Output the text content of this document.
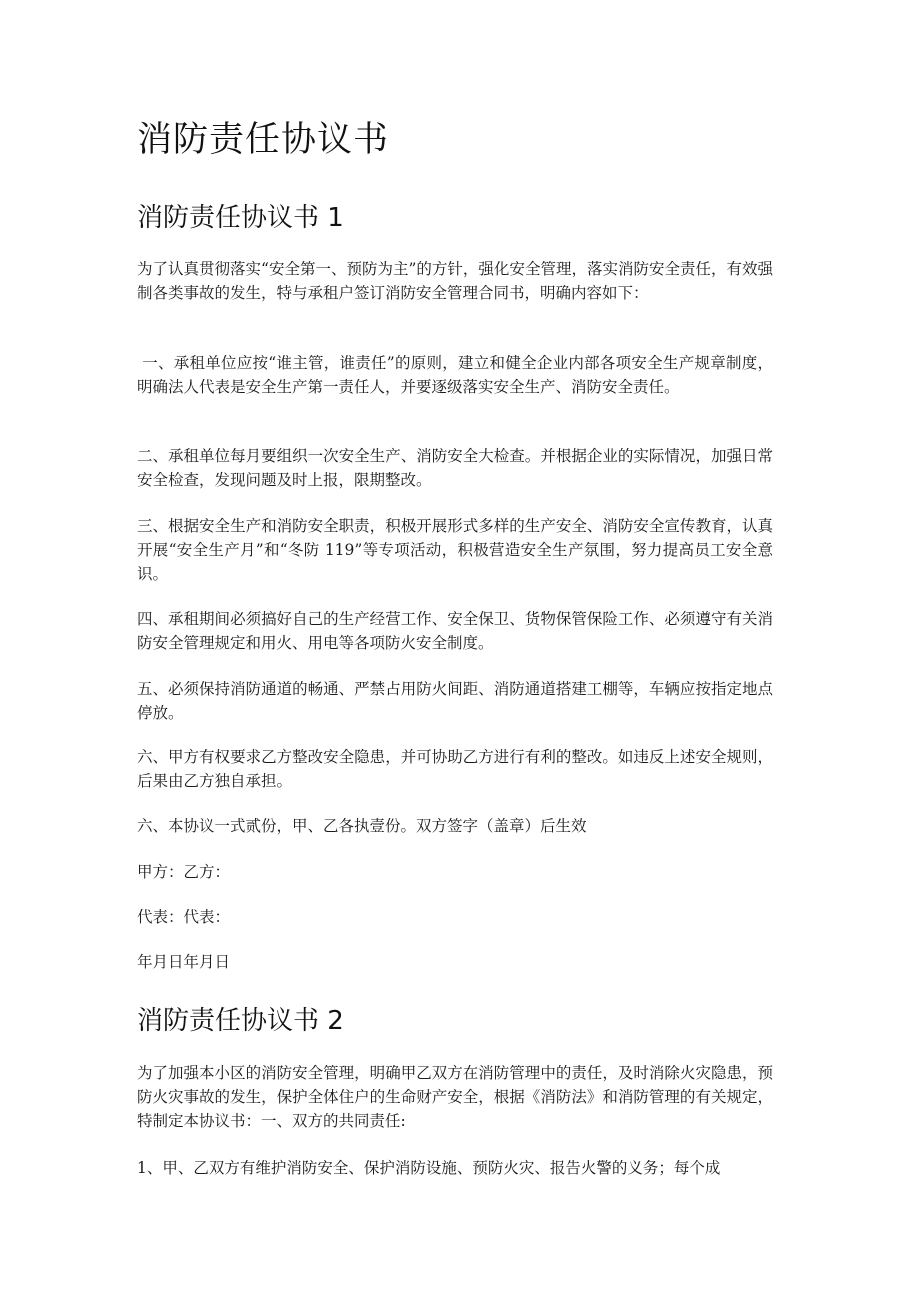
消防责任协议书
消防责任协议书 1

为了认真贯彻落实“安全第一、预防为主”的方针，强化安全管理，落实消防安全责任，有效强制各类事故的发生，特与承租户签订消防安全管理合同书，明确内容如下：

一、承租单位应按“谁主管，谁责任”的原则，建立和健全企业内部各项安全生产规章制度，明确法人代表是安全生产第一责任人，并要逐级落实安全生产、消防安全责任。

二、承租单位每月要组织一次安全生产、消防安全大检查。并根据企业的实际情况，加强日常安全检查，发现问题及时上报，限期整改。

三、根据安全生产和消防安全职责，积极开展形式多样的生产安全、消防安全宣传教育，认真开展“安全生产月”和“冬防 119”等专项活动，积极营造安全生产氛围，努力提高员工安全意识。

四、承租期间必须搞好自己的生产经营工作、安全保卫、货物保管保险工作、必须遵守有关消防安全管理规定和用火、用电等各项防火安全制度。

五、必须保持消防通道的畅通、严禁占用防火间距、消防通道搭建工棚等，车辆应按指定地点停放。

六、甲方有权要求乙方整改安全隐患，并可协助乙方进行有利的整改。如违反上述安全规则，后果由乙方独自承担。

六、本协议一式贰份，甲、乙各执壹份。双方签字（盖章）后生效

甲方：乙方：

代表：代表：

年月日年月日

消防责任协议书 2

为了加强本小区的消防安全管理，明确甲乙双方在消防管理中的责任，及时消除火灾隐患，预防火灾事故的发生，保护全体住户的生命财产安全，根据《消防法》和消防管理的有关规定，特制定本协议书：一、双方的共同责任:

1、甲、乙双方有维护消防安全、保护消防设施、预防火灾、报告火警的义务；每个成
